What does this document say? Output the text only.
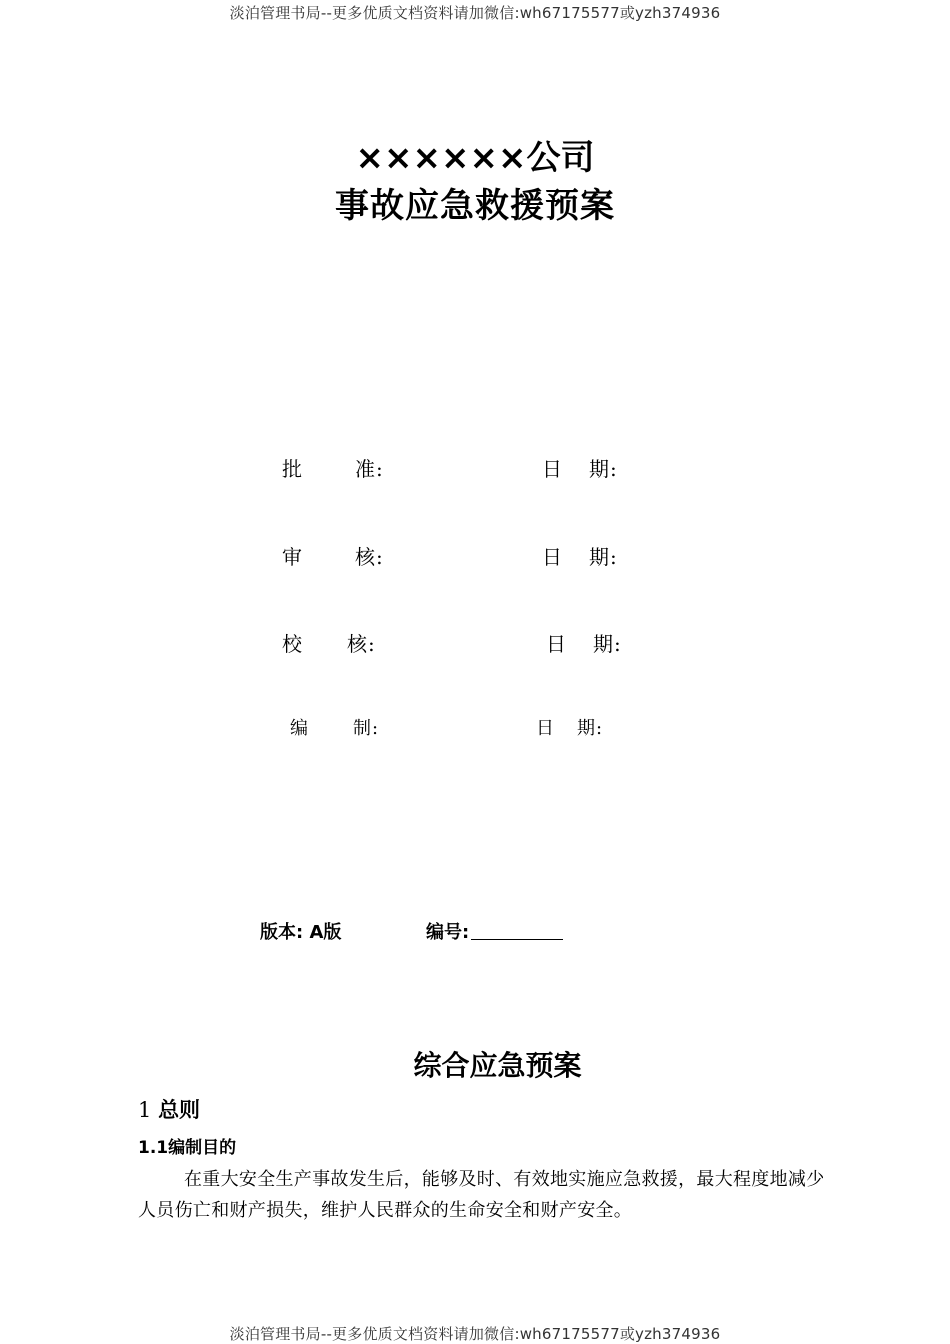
淡泊管理书局--更多优质文档资料请加微信:wh67175577或yzh374936
××××××公司
事故应急救援预案
批	准:	日 期:
审	核:	日 期:
校 核:	日 期:
编 制:	日 期:
版本: A版	编号:
综合应急预案
1 总则
1.1编制目的
在重大安全生产事故发生后，能够及时、有效地实施应急救援，最大程度地减少人员伤亡和财产损失，维护人民群众的生命安全和财产安全。
淡泊管理书局--更多优质文档资料请加微信:wh67175577或yzh374936
